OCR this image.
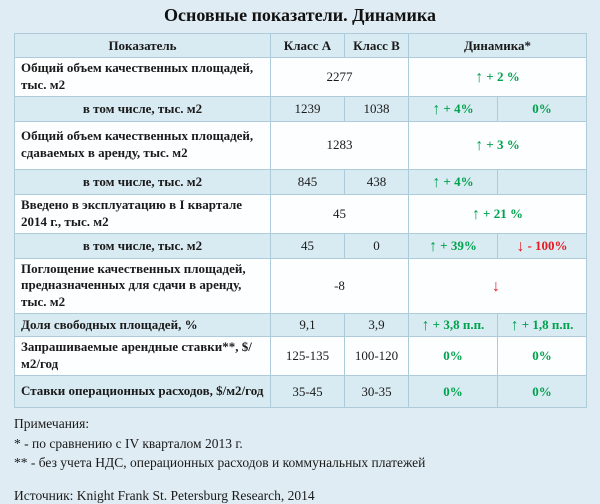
Основные показатели. Динамика
Показатель	Класс А	Класс В	Динамика*	
Общий объем качественных площадей, тыс. м2	2277		↑ + 2 %	
в том числе, тыс. м2	1239	1038	↑ + 4%	0%
Общий объем качественных площадей, сдаваемых в аренду, тыс. м2	1283		↑ + 3 %	
в том числе, тыс. м2	845	438	↑ + 4%	
Введено в эксплуатацию в I квартале 2014 г., тыс. м2	45		↑ + 21 %	
в том числе, тыс. м2	45	0	↑ + 39%	↓ - 100%
Поглощение качественных площадей, предназначенных для сдачи в аренду, тыс. м2	-8		↓	
Доля свободных площадей, %	9,1	3,9	↑ + 3,8 п.п.	↑ + 1,8 п.п.
Запрашиваемые арендные ставки**, $/м2/год	125-135	100-120	0%	0%
Ставки операционных расходов, $/м2/год	35-45	30-35	0%	0%
Примечания:
* - по сравнению с IV кварталом 2013 г.
** - без учета НДС, операционных расходов и коммунальных платежей
Источник: Knight Frank St. Petersburg Research, 2014
